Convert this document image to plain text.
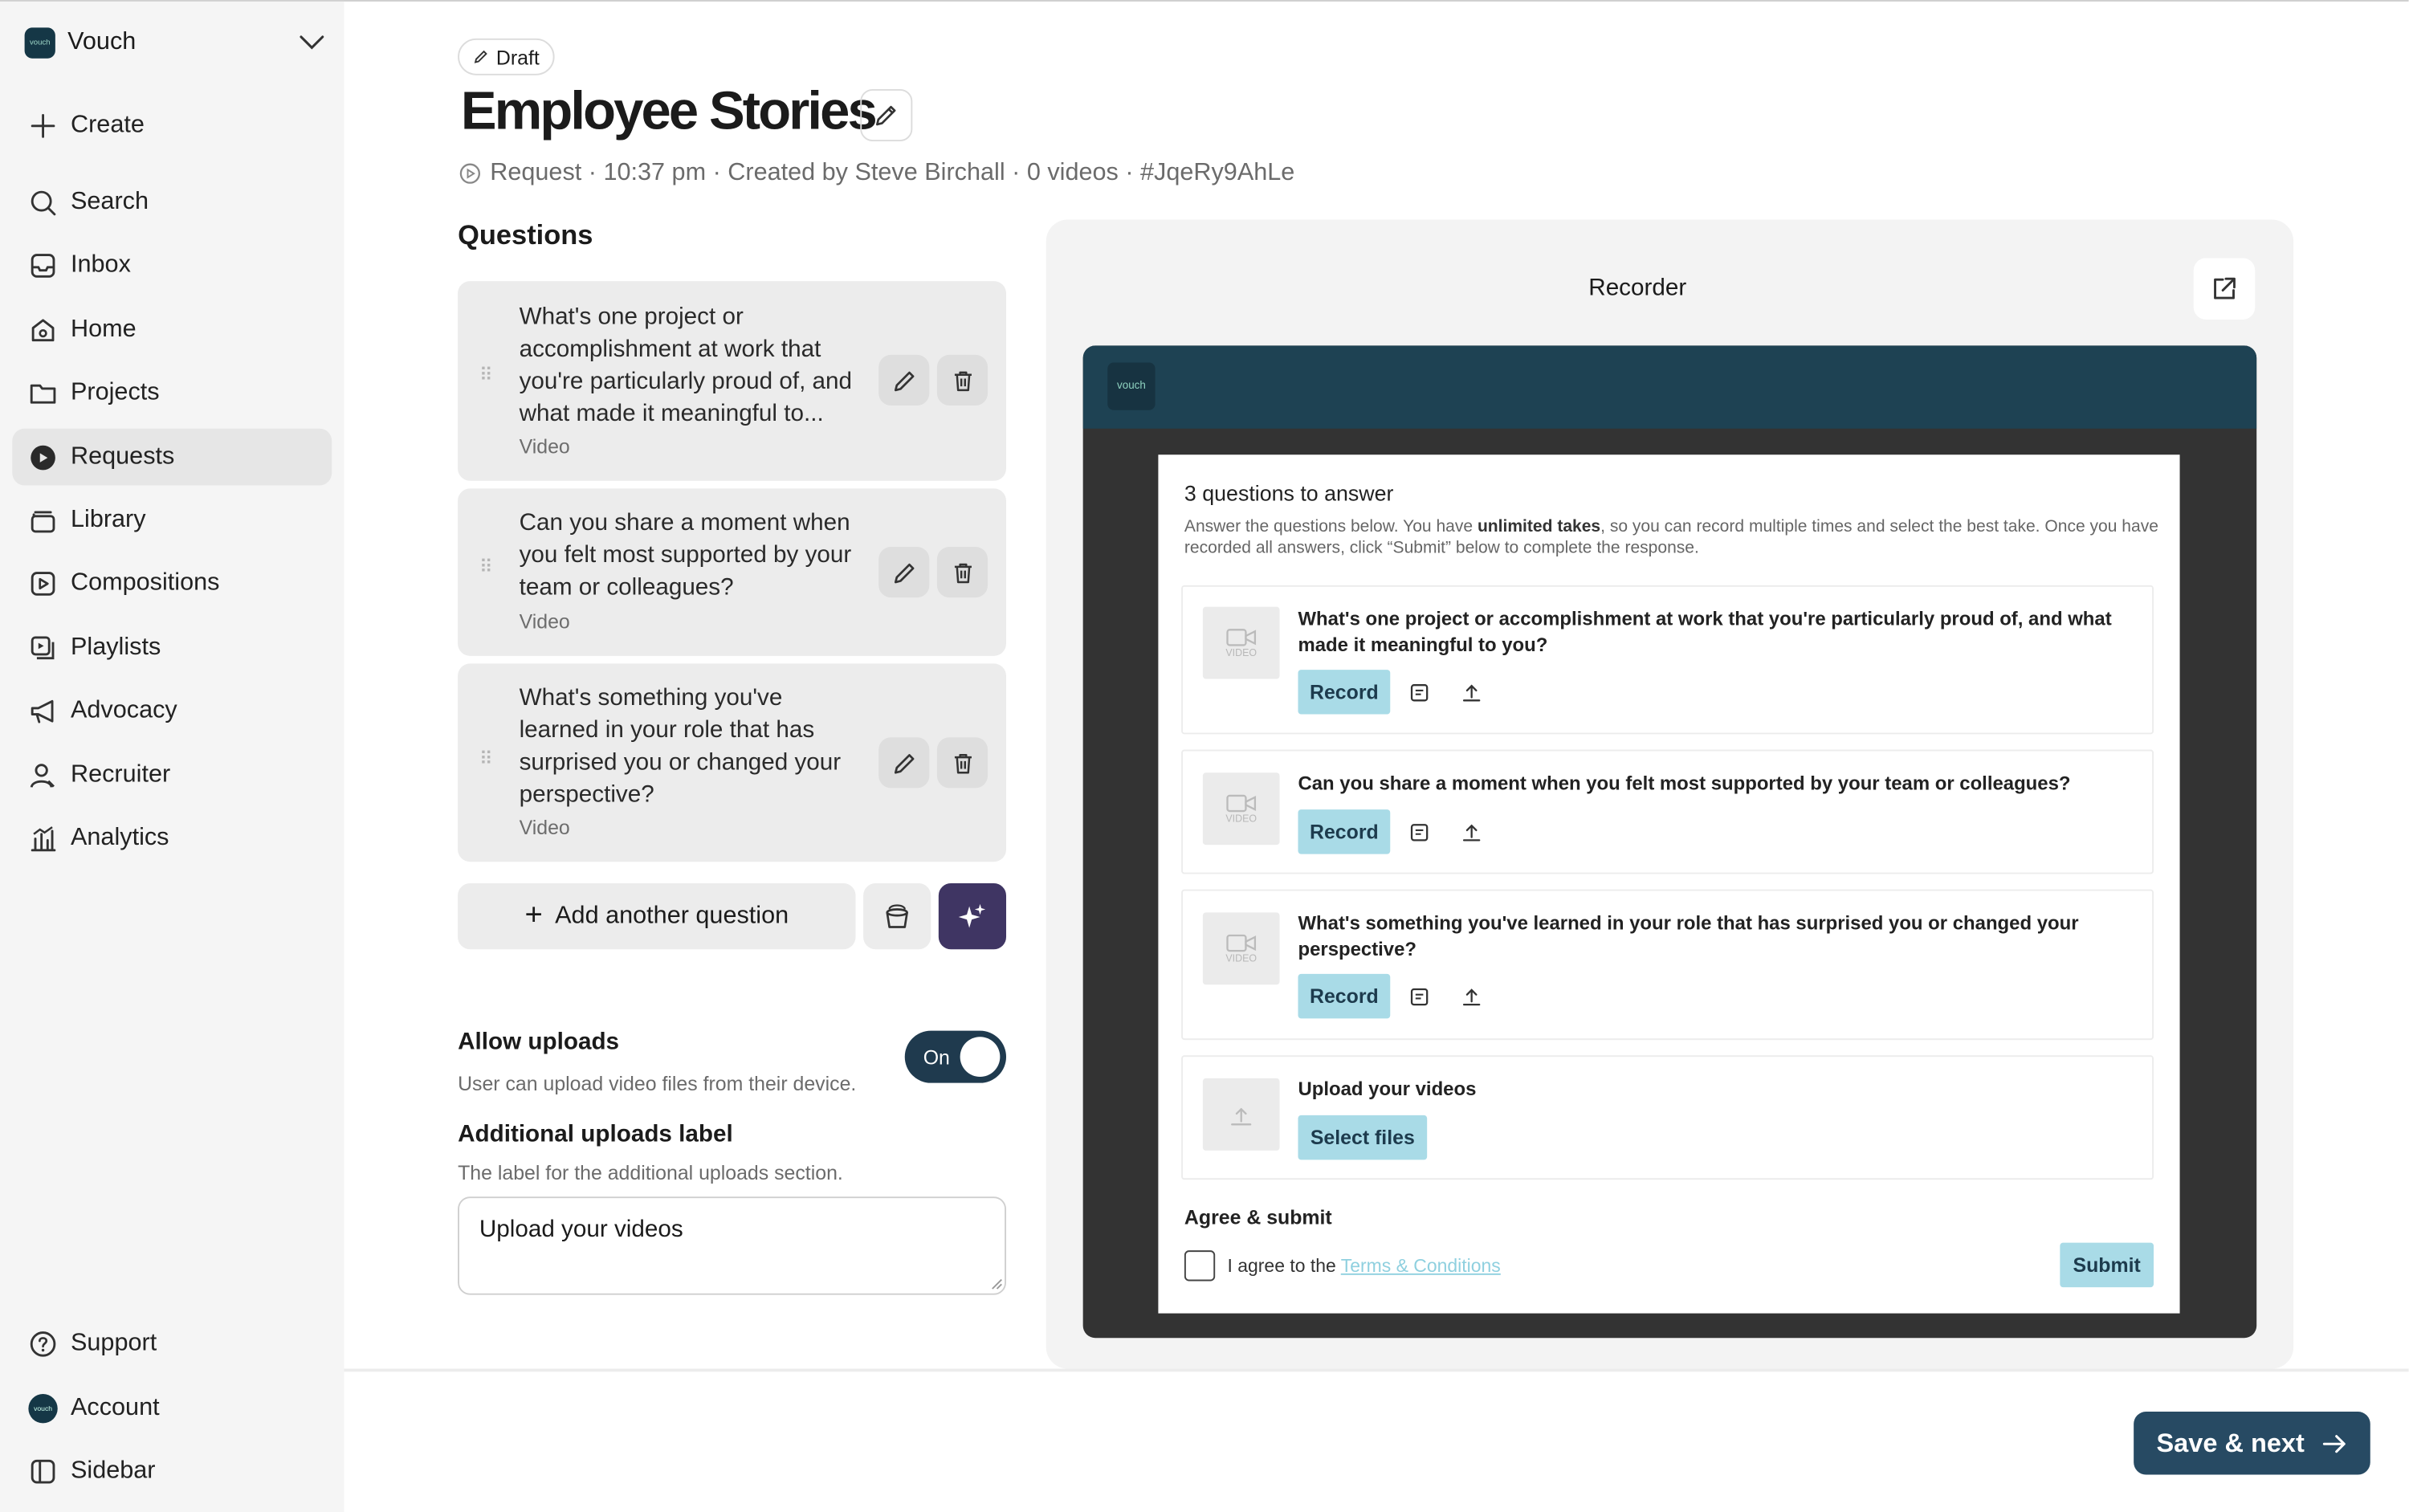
vouch	Vouch
Create
Search
Inbox
Home
Projects
Requests
Library
Compositions
Playlists
Advocacy
Recruiter
Analytics
Support
vouch Account
Sidebar
Draft
Employee Stories
Request · 10:37 pm · Created by Steve Birchall · 0 videos · #JqeRy9AhLe
Questions
⠿
What's one project or accomplishment at work that you're particularly proud of, and what made it meaningful to...
Video
⠿
Can you share a moment when you felt most supported by your team or colleagues?
Video
⠿
What's something you've learned in your role that has surprised you or changed your perspective?
Video
+ Add another question
Allow uploads
User can upload video files from their device.
On
Additional uploads label
The label for the additional uploads section.
Upload your videos
Recorder
vouch
3 questions to answer
Answer the questions below. You have unlimited takes, so you can record multiple times and select the best take. Once you have recorded all answers, click “Submit” below to complete the response.
VIDEO
What's one project or accomplishment at work that you're particularly proud of, and what made it meaningful to you?
Record
VIDEO
Can you share a moment when you felt most supported by your team or colleagues?
Record
VIDEO
What's something you've learned in your role that has surprised you or changed your perspective?
Record
Upload your videos
Select files
Agree & submit
I agree to the Terms & Conditions	Submit
Save & next
